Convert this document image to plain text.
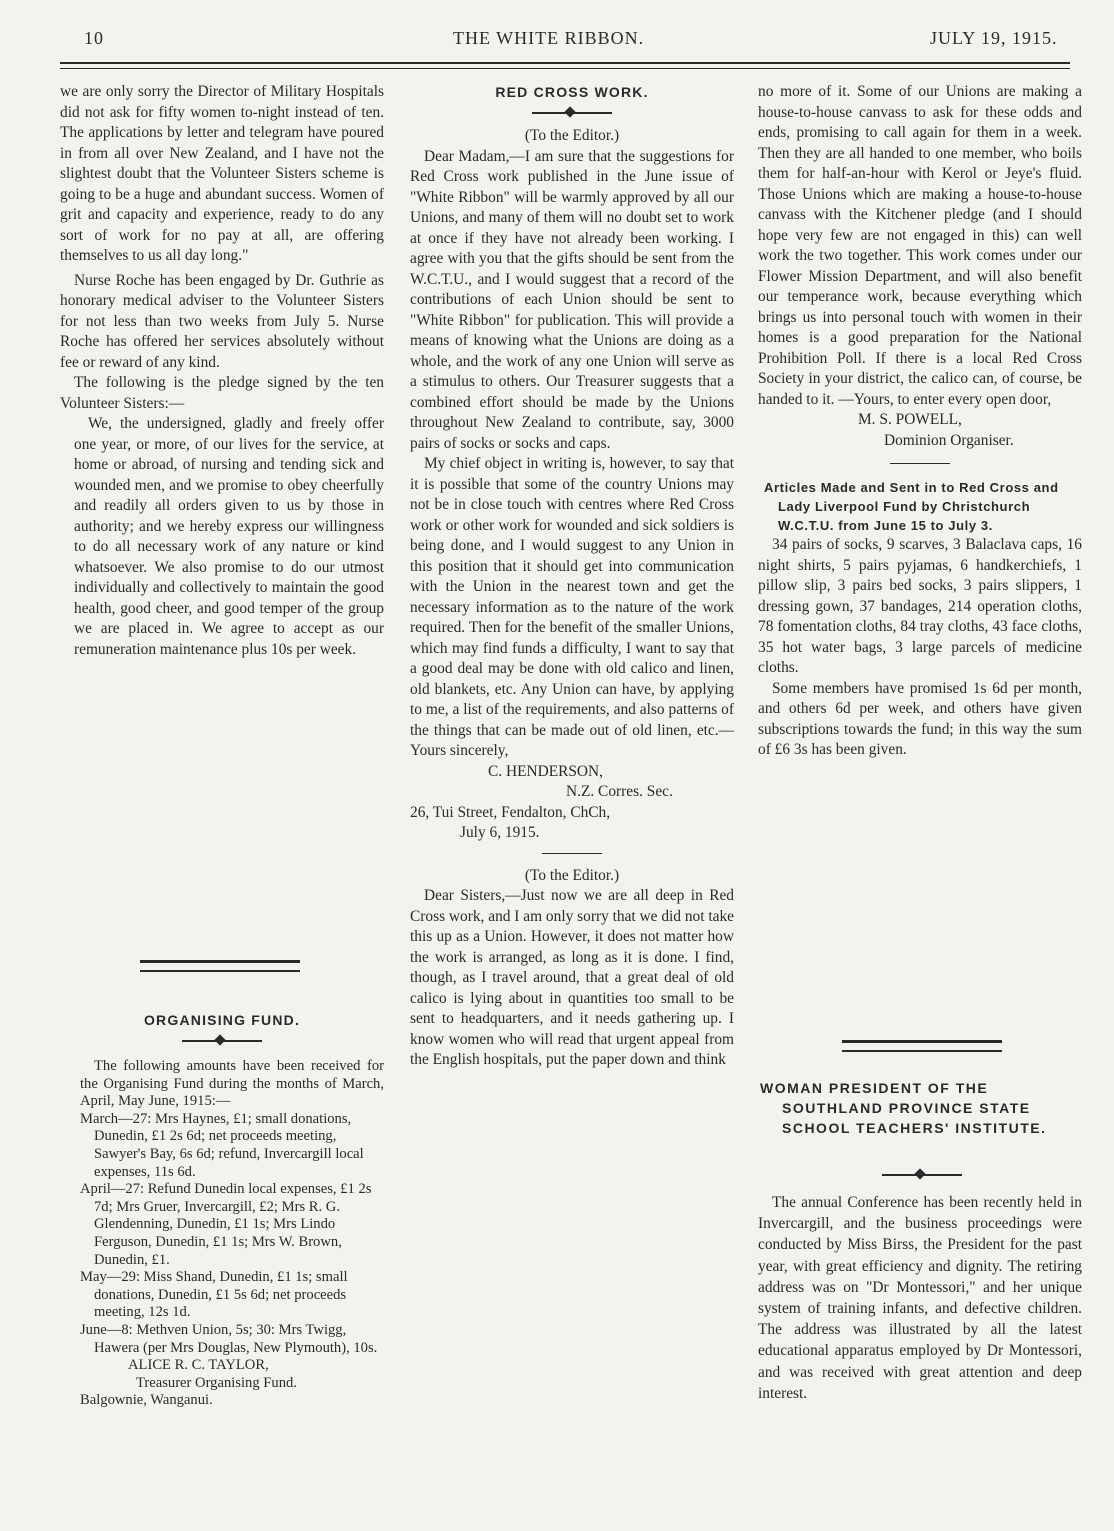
10	THE WHITE RIBBON.	JULY 19, 1915.

we are only sorry the Director of Military Hospitals did not ask for fifty women to-night instead of ten. The applications by letter and telegram have poured in from all over New Zealand, and I have not the slightest doubt that the Volunteer Sisters scheme is going to be a huge and abundant success. Women of grit and capacity and experience, ready to do any sort of work for no pay at all, are offering themselves to us all day long."

Nurse Roche has been engaged by Dr. Guthrie as honorary medical adviser to the Volunteer Sisters for not less than two weeks from July 5. Nurse Roche has offered her services absolutely without fee or reward of any kind.

The following is the pledge signed by the ten Volunteer Sisters:—

We, the undersigned, gladly and freely offer one year, or more, of our lives for the service, at home or abroad, of nursing and tending sick and wounded men, and we promise to obey cheerfully and readily all orders given to us by those in authority; and we hereby express our willingness to do all necessary work of any nature or kind whatsoever. We also promise to do our utmost individually and collectively to maintain the good health, good cheer, and good temper of the group we are placed in. We agree to accept as our remuneration maintenance plus 10s per week.

ORGANISING FUND.

The following amounts have been received for the Organising Fund during the months of March, April, May June, 1915:—

March—27: Mrs Haynes, £1; small donations, Dunedin, £1 2s 6d; net proceeds meeting, Sawyer's Bay, 6s 6d; refund, Invercargill local expenses, 11s 6d.

April—27: Refund Dunedin local expenses, £1 2s 7d; Mrs Gruer, Invercargill, £2; Mrs R. G. Glendenning, Dunedin, £1 1s; Mrs Lindo Ferguson, Dunedin, £1 1s; Mrs W. Brown, Dunedin, £1.

May—29: Miss Shand, Dunedin, £1 1s; small donations, Dunedin, £1 5s 6d; net proceeds meeting, 12s 1d.

June—8: Methven Union, 5s; 30: Mrs Twigg, Hawera (per Mrs Douglas, New Plymouth), 10s.

ALICE R. C. TAYLOR,

Treasurer Organising Fund.

Balgownie, Wanganui.

RED CROSS WORK.

(To the Editor.)

Dear Madam,—I am sure that the suggestions for Red Cross work published in the June issue of "White Ribbon" will be warmly approved by all our Unions, and many of them will no doubt set to work at once if they have not already been working. I agree with you that the gifts should be sent from the W.C.T.U., and I would suggest that a record of the contributions of each Union should be sent to "White Ribbon" for publication. This will provide a means of knowing what the Unions are doing as a whole, and the work of any one Union will serve as a stimulus to others. Our Treasurer suggests that a combined effort should be made by the Unions throughout New Zealand to contribute, say, 3000 pairs of socks or socks and caps.

My chief object in writing is, however, to say that it is possible that some of the country Unions may not be in close touch with centres where Red Cross work or other work for wounded and sick soldiers is being done, and I would suggest to any Union in this position that it should get into communication with the Union in the nearest town and get the necessary information as to the nature of the work required. Then for the benefit of the smaller Unions, which may find funds a difficulty, I want to say that a good deal may be done with old calico and linen, old blankets, etc. Any Union can have, by applying to me, a list of the requirements, and also patterns of the things that can be made out of old linen, etc.—Yours sincerely,

C. HENDERSON,

N.Z. Corres. Sec.

26, Tui Street, Fendalton, ChCh,

July 6, 1915.

(To the Editor.)

Dear Sisters,—Just now we are all deep in Red Cross work, and I am only sorry that we did not take this up as a Union. However, it does not matter how the work is arranged, as long as it is done. I find, though, as I travel around, that a great deal of old calico is lying about in quantities too small to be sent to headquarters, and it needs gathering up. I know women who will read that urgent appeal from the English hospitals, put the paper down and think

no more of it. Some of our Unions are making a house-to-house canvass to ask for these odds and ends, promising to call again for them in a week. Then they are all handed to one member, who boils them for half-an-hour with Kerol or Jeye's fluid. Those Unions which are making a house-to-house canvass with the Kitchener pledge (and I should hope very few are not engaged in this) can well work the two together. This work comes under our Flower Mission Department, and will also benefit our temperance work, because everything which brings us into personal touch with women in their homes is a good preparation for the National Prohibition Poll. If there is a local Red Cross Society in your district, the calico can, of course, be handed to it. —Yours, to enter every open door,

M. S. POWELL,

Dominion Organiser.

Articles Made and Sent in to Red Cross and Lady Liverpool Fund by Christchurch W.C.T.U. from June 15 to July 3.

34 pairs of socks, 9 scarves, 3 Balaclava caps, 16 night shirts, 5 pairs pyjamas, 6 handkerchiefs, 1 pillow slip, 3 pairs bed socks, 3 pairs slippers, 1 dressing gown, 37 bandages, 214 operation cloths, 78 fomentation cloths, 84 tray cloths, 43 face cloths, 35 hot water bags, 3 large parcels of medicine cloths.

Some members have promised 1s 6d per month, and others 6d per week, and others have given subscriptions towards the fund; in this way the sum of £6 3s has been given.

WOMAN PRESIDENT OF THE SOUTHLAND PROVINCE STATE SCHOOL TEACHERS' INSTITUTE.

The annual Conference has been recently held in Invercargill, and the business proceedings were conducted by Miss Birss, the President for the past year, with great efficiency and dignity. The retiring address was on "Dr Montessori," and her unique system of training infants, and defective children. The address was illustrated by all the latest educational apparatus employed by Dr Montessori, and was received with great attention and deep interest.
